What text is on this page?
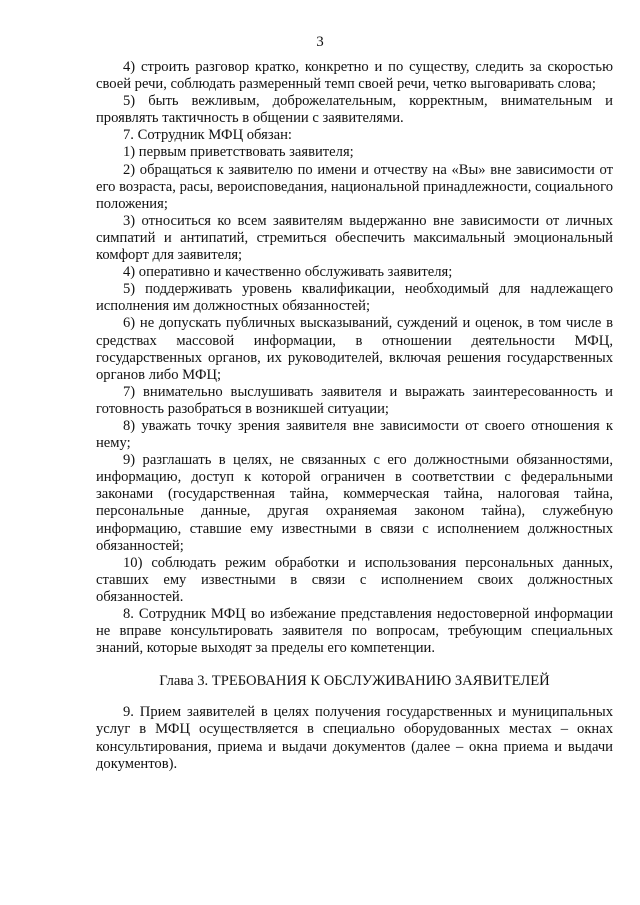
3

4) строить разговор кратко, конкретно и по существу, следить за скоростью своей речи, соблюдать размеренный темп своей речи, четко выговаривать слова;

5) быть вежливым, доброжелательным, корректным, внимательным и проявлять тактичность в общении с заявителями.

7. Сотрудник МФЦ обязан:

1) первым приветствовать заявителя;

2) обращаться к заявителю по имени и отчеству на «Вы» вне зависимости от его возраста, расы, вероисповедания, национальной принадлежности, социального положения;

3) относиться ко всем заявителям выдержанно вне зависимости от личных симпатий и антипатий, стремиться обеспечить максимальный эмоциональный комфорт для заявителя;

4) оперативно и качественно обслуживать заявителя;

5) поддерживать уровень квалификации, необходимый для надлежащего исполнения им должностных обязанностей;

6) не допускать публичных высказываний, суждений и оценок, в том числе в средствах массовой информации, в отношении деятельности МФЦ, государственных органов, их руководителей, включая решения государственных органов либо МФЦ;

7) внимательно выслушивать заявителя и выражать заинтересованность и готовность разобраться в возникшей ситуации;

8) уважать точку зрения заявителя вне зависимости от своего отношения к нему;

9) разглашать в целях, не связанных с его должностными обязанностями, информацию, доступ к которой ограничен в соответствии с федеральными законами (государственная тайна, коммерческая тайна, налоговая тайна, персональные данные, другая охраняемая законом тайна), служебную информацию, ставшие ему известными в связи с исполнением должностных обязанностей;

10) соблюдать режим обработки и использования персональных данных, ставших ему известными в связи с исполнением своих должностных обязанностей.

8. Сотрудник МФЦ во избежание представления недостоверной информации не вправе консультировать заявителя по вопросам, требующим специальных знаний, которые выходят за пределы его компетенции.

Глава 3. ТРЕБОВАНИЯ К ОБСЛУЖИВАНИЮ ЗАЯВИТЕЛЕЙ

9. Прием заявителей в целях получения государственных и муниципальных услуг в МФЦ осуществляется в специально оборудованных местах – окнах консультирования, приема и выдачи документов (далее – окна приема и выдачи документов).
